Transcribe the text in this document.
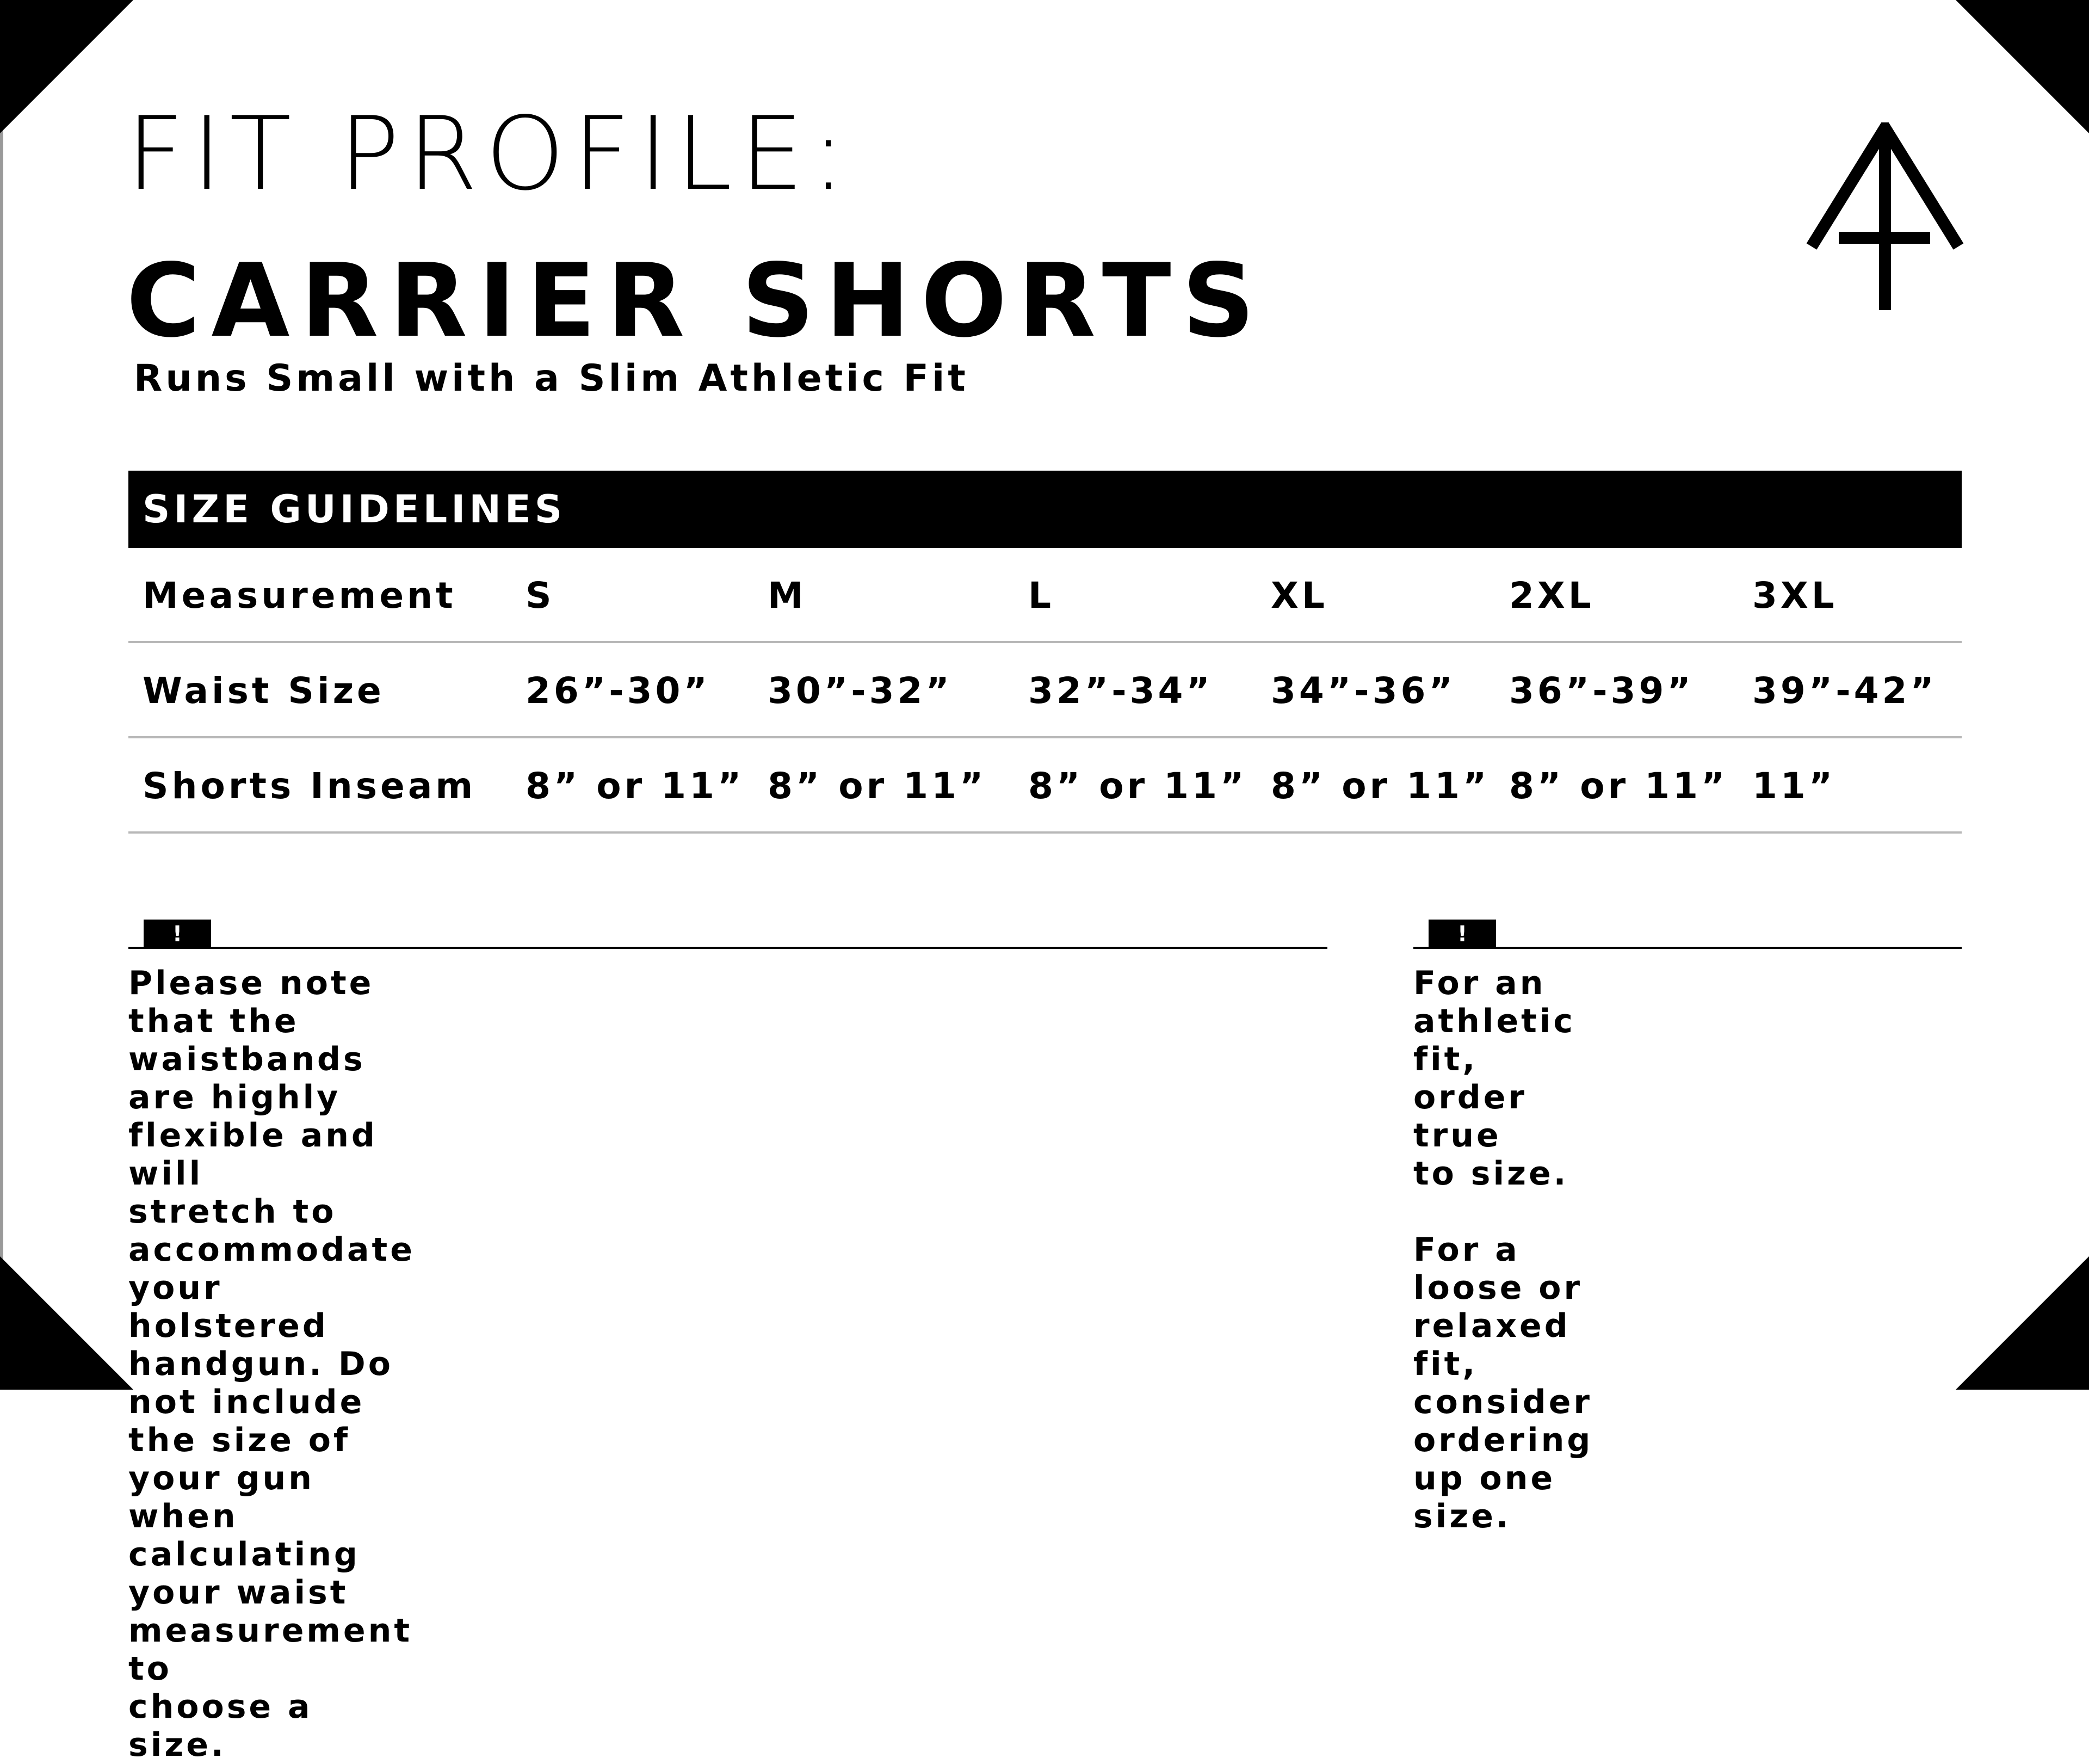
FIT PROFILE:
CARRIER SHORTS
Runs Small with a Slim Athletic Fit
SIZE GUIDELINES
Measurement S	M	L	XL	2XL	3XL
Waist Size	26”-30” 30”-32” 32”-34” 34”-36” 36”-39” 39”-42”
Shorts Inseam 8” or 11” 8” or 11” 8” or 11” 8” or 11” 8” or 11” 11”
!
Please note that the waistbands are highly flexible and will
stretch to accommodate your holstered handgun. Do not include
the size of your gun when calculating your waist measurement to
choose a size.
!
For an athletic fit, order true
to size.

For a loose or relaxed fit,
consider ordering up one size.
